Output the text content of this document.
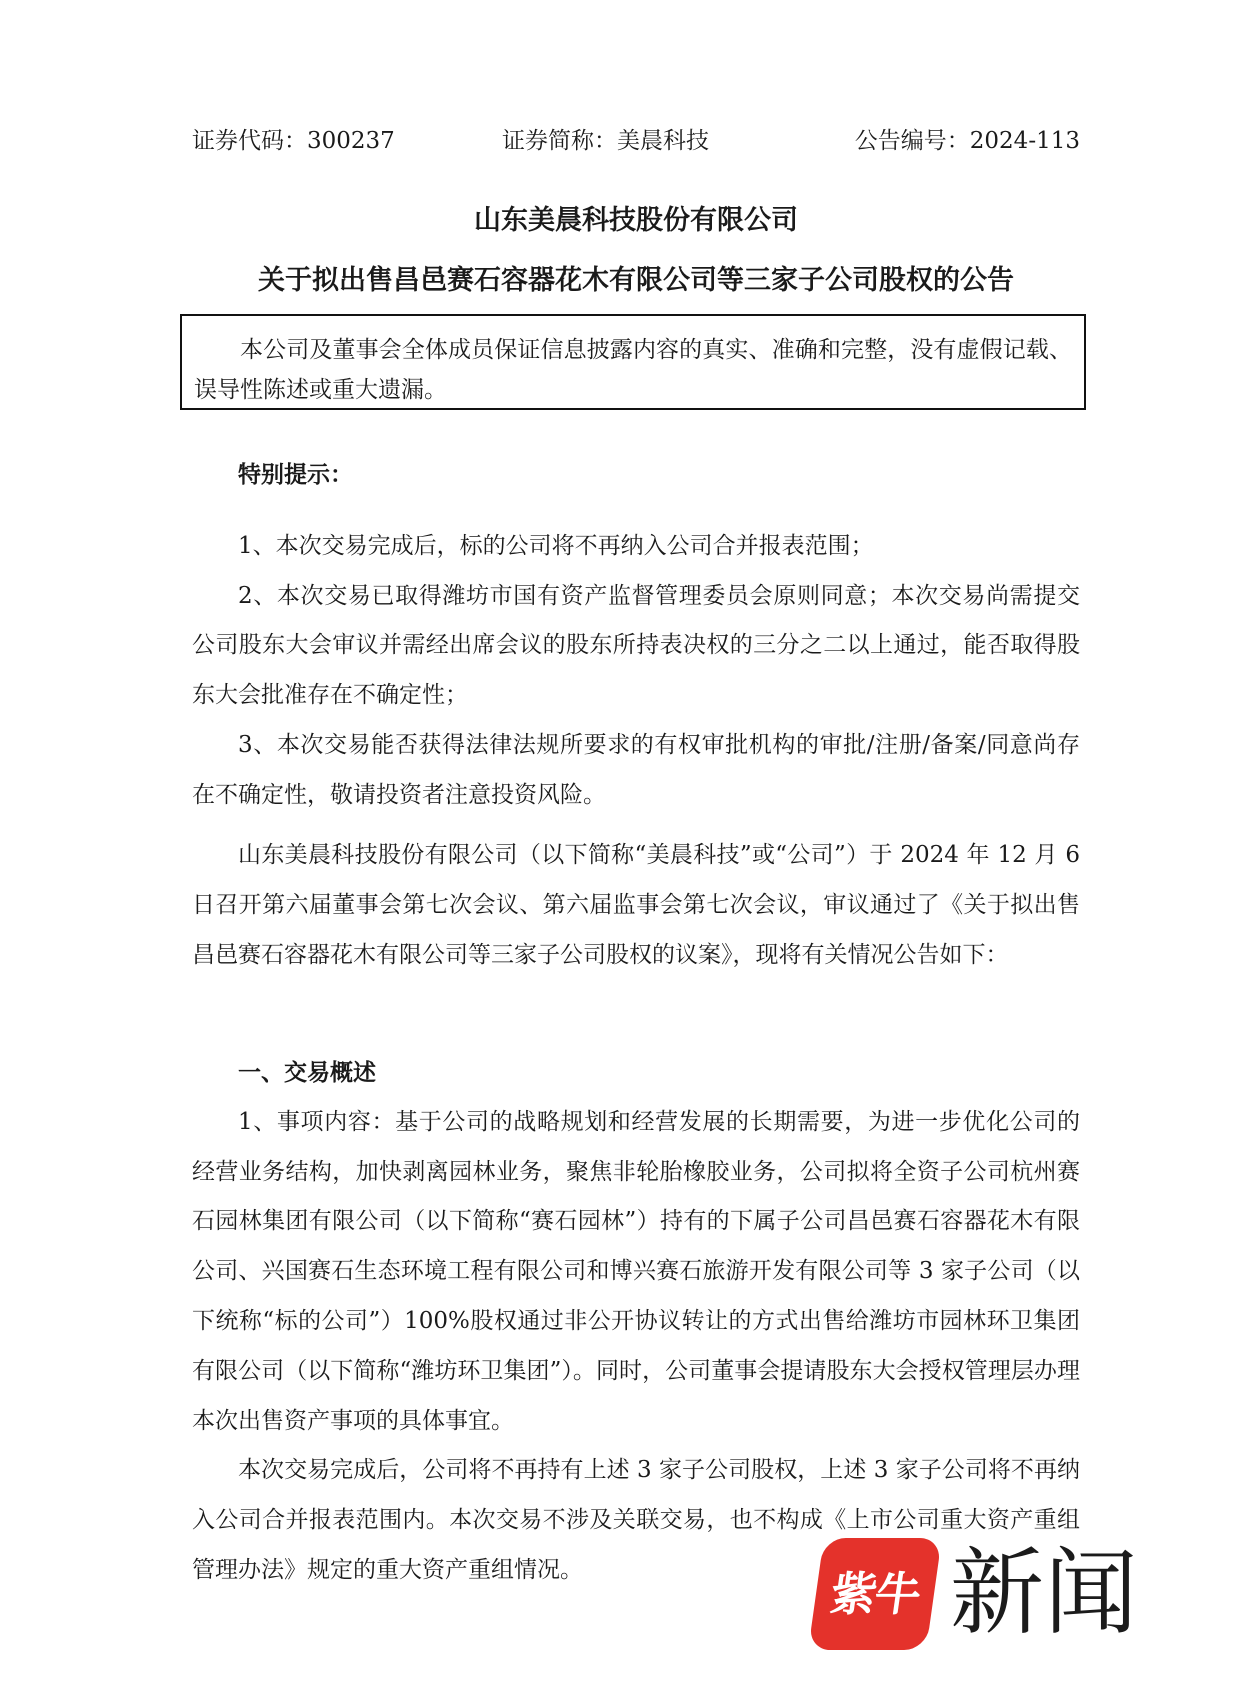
证券代码：300237	证券简称：美晨科技	公告编号：2024-113
山东美晨科技股份有限公司
关于拟出售昌邑赛石容器花木有限公司等三家子公司股权的公告
本公司及董事会全体成员保证信息披露内容的真实、准确和完整，没有虚假记载、误导性陈述或重大遗漏。

特别提示：

1、本次交易完成后，标的公司将不再纳入公司合并报表范围；

2、本次交易已取得潍坊市国有资产监督管理委员会原则同意；本次交易尚需提交公司股东大会审议并需经出席会议的股东所持表决权的三分之二以上通过，能否取得股东大会批准存在不确定性；

3、本次交易能否获得法律法规所要求的有权审批机构的审批/注册/备案/同意尚存在不确定性，敬请投资者注意投资风险。

山东美晨科技股份有限公司（以下简称“美晨科技”或“公司”）于 2024 年 12 月 6 日召开第六届董事会第七次会议、第六届监事会第七次会议，审议通过了《关于拟出售昌邑赛石容器花木有限公司等三家子公司股权的议案》，现将有关情况公告如下：

一、交易概述

1、事项内容：基于公司的战略规划和经营发展的长期需要，为进一步优化公司的经营业务结构，加快剥离园林业务，聚焦非轮胎橡胶业务，公司拟将全资子公司杭州赛石园林集团有限公司（以下简称“赛石园林”）持有的下属子公司昌邑赛石容器花木有限公司、兴国赛石生态环境工程有限公司和博兴赛石旅游开发有限公司等 3 家子公司（以下统称“标的公司”）100%股权通过非公开协议转让的方式出售给潍坊市园林环卫集团有限公司（以下简称“潍坊环卫集团”）。同时，公司董事会提请股东大会授权管理层办理本次出售资产事项的具体事宜。

本次交易完成后，公司将不再持有上述 3 家子公司股权，上述 3 家子公司将不再纳入公司合并报表范围内。本次交易不涉及关联交易，也不构成《上市公司重大资产重组管理办法》规定的重大资产重组情况。	紫牛 新闻
